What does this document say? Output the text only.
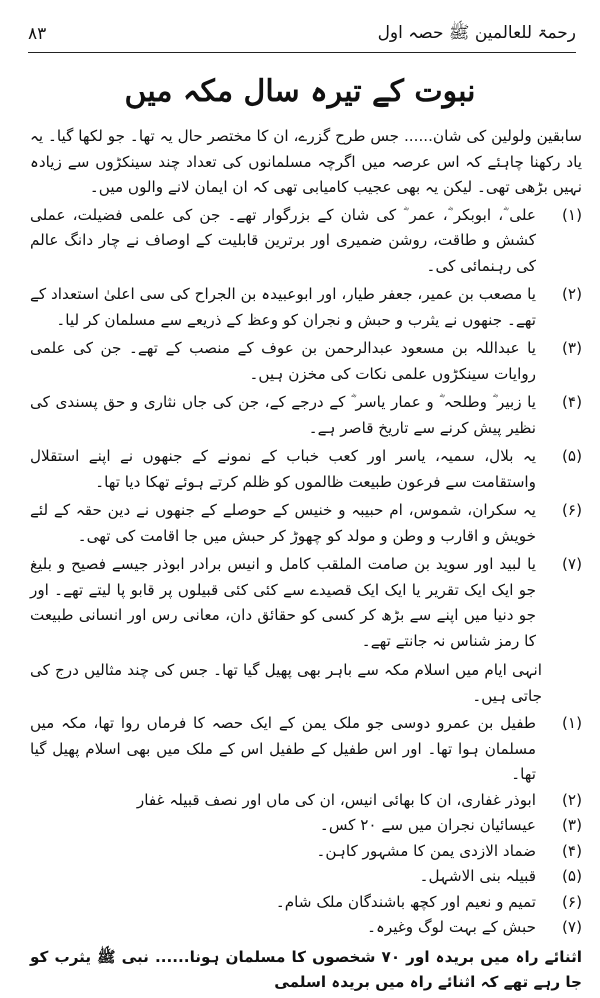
۸۳	رحمۃ للعالمین ﷺ حصہ اول
نبوت کے تیرہ سال مکہ میں

سابقین ولولین کی شان...... جس طرح گزرے، ان کا مختصر حال یہ تھا۔ جو لکھا گیا۔ یہ یاد رکھنا چاہئے کہ اس عرصہ میں اگرچہ مسلمانوں کی تعداد چند سینکڑوں سے زیادہ نہیں بڑھی تھی۔ لیکن یہ بھی عجیب کامیابی تھی کہ ان ایمان لانے والوں میں۔

(۱)
علی ؓ، ابوبکر ؓ، عمر ؓ کی شان کے بزرگوار تھے۔ جن کی علمی فضیلت، عملی کشش و طاقت، روشن ضمیری اور برترین قابلیت کے اوصاف نے چار دانگ عالم کی رہنمائی کی۔
(۲)
یا مصعب بن عمیر، جعفر طیار، اور ابوعبیدہ بن الجراح کی سی اعلیٰ استعداد کے تھے۔ جنھوں نے یثرب و حبش و نجران کو وعظ کے ذریعے سے مسلمان کر لیا۔
(۳)
یا عبداللہ بن مسعود عبدالرحمن بن عوف کے منصب کے تھے۔ جن کی علمی روایات سینکڑوں علمی نکات کی مخزن ہیں۔
(۴)
یا زبیر ؓ وطلحہ ؓ و عمار یاسر ؓ کے درجے کے، جن کی جاں نثاری و حق پسندی کی نظیر پیش کرنے سے تاریخ قاصر ہے۔
(۵)
یہ بلال، سمیہ، یاسر اور کعب خباب کے نمونے کے جنھوں نے اپنے استقلال واستقامت سے فرعون طبیعت ظالموں کو ظلم کرتے ہوئے تھکا دیا تھا۔
(۶)
یہ سکران، شموس، ام حبیبہ و خنیس کے حوصلے کے جنھوں نے دین حقہ کے لئے خویش و اقارب و وطن و مولد کو چھوڑ کر حبش میں جا اقامت کی تھی۔
(۷)
یا لبید اور سوید بن صامت الملقب کامل و انیس برادر ابوذر جیسے فصیح و بلیغ جو ایک ایک تقریر یا ایک ایک قصیدے سے کئی کئی قبیلوں پر قابو پا لیتے تھے۔ اور جو دنیا میں اپنے سے بڑھ کر کسی کو حقائق دان، معانی رس اور انسانی طبیعت کا رمز شناس نہ جانتے تھے۔

انہی ایام میں اسلام مکہ سے باہر بھی پھیل گیا تھا۔ جس کی چند مثالیں درج کی جاتی ہیں۔

(۱)
طفیل بن عمرو دوسی جو ملک یمن کے ایک حصہ کا فرماں روا تھا، مکہ میں مسلمان ہوا تھا۔ اور اس طفیل کے طفیل اس کے ملک میں بھی اسلام پھیل گیا تھا۔
(۲)
ابوذر غفاری، ان کا بھائی انیس، ان کی ماں اور نصف قبیلہ غفار
(۳)
عیسائیان نجران میں سے ۲۰ کس۔
(۴)
ضماد الازدی یمن کا مشہور کاہن۔
(۵)
قبیلہ بنی الاشہل۔
(۶)
تمیم و نعیم اور کچھ باشندگان ملک شام۔
(۷)
حبش کے بہت لوگ وغیرہ۔

اثنائے راہ میں بریدہ اور ۷۰ شخصوں کا مسلمان ہونا...... نبی ﷺ یثرب کو جا رہے تھے کہ اثنائے راہ میں بریدہ اسلمی
